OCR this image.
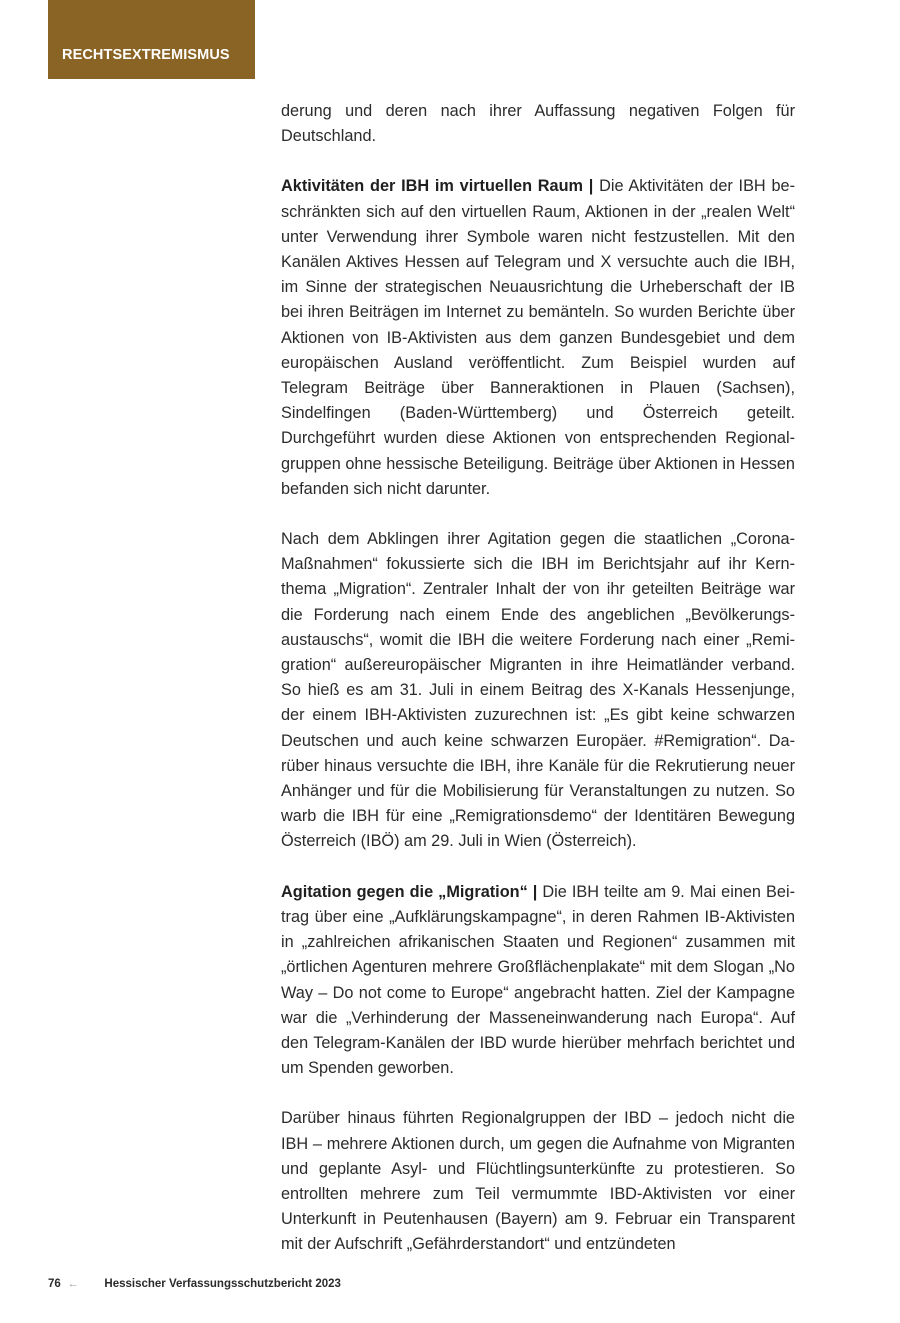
RECHTSEXTREMISMUS

derung und deren nach ihrer Auffassung negativen Folgen für Deutschland.

Aktivitäten der IBH im virtuellen Raum | Die Aktivitäten der IBH beschränkten sich auf den virtuellen Raum, Aktionen in der „realen Welt“ unter Verwendung ihrer Symbole waren nicht festzustellen. Mit den Kanälen Aktives Hessen auf Telegram und X versuchte auch die IBH, im Sinne der strategischen Neuausrichtung die Urheberschaft der IB bei ihren Beiträgen im Internet zu bemänteln. So wurden Berichte über Aktionen von IB-Aktivisten aus dem ganzen Bundesgebiet und dem europäischen Ausland veröffentlicht. Zum Beispiel wurden auf Telegram Beiträge über Banneraktionen in Plauen (Sachsen), Sindelfingen (Baden-Württemberg) und Österreich geteilt. Durchgeführt wurden diese Aktionen von entsprechenden Regionalgruppen ohne hessische Beteiligung. Beiträge über Aktionen in Hessen befanden sich nicht darunter.

Nach dem Abklingen ihrer Agitation gegen die staatlichen „Corona-Maßnahmen“ fokussierte sich die IBH im Berichtsjahr auf ihr Kernthema „Migration“. Zentraler Inhalt der von ihr geteilten Beiträge war die Forderung nach einem Ende des angeblichen „Bevölkerungsaustauschs“, womit die IBH die weitere Forderung nach einer „Remigration“ außereuropäischer Migranten in ihre Heimatländer verband. So hieß es am 31. Juli in einem Beitrag des X-Kanals Hessenjunge, der einem IBH-Aktivisten zuzurechnen ist: „Es gibt keine schwarzen Deutschen und auch keine schwarzen Europäer. #Remigration“. Darüber hinaus versuchte die IBH, ihre Kanäle für die Rekrutierung neuer Anhänger und für die Mobilisierung für Veranstaltungen zu nutzen. So warb die IBH für eine „Remigrationsdemo“ der Identitären Bewegung Österreich (IBÖ) am 29. Juli in Wien (Österreich).

Agitation gegen die „Migration“ | Die IBH teilte am 9. Mai einen Beitrag über eine „Aufklärungskampagne“, in deren Rahmen IB-Aktivisten in „zahlreichen afrikanischen Staaten und Regionen“ zusammen mit „örtlichen Agenturen mehrere Großflächenplakate“ mit dem Slogan „No Way – Do not come to Europe“ angebracht hatten. Ziel der Kampagne war die „Verhinderung der Masseneinwanderung nach Europa“. Auf den Telegram-Kanälen der IBD wurde hierüber mehrfach berichtet und um Spenden geworben.

Darüber hinaus führten Regionalgruppen der IBD – jedoch nicht die IBH – mehrere Aktionen durch, um gegen die Aufnahme von Migranten und geplante Asyl- und Flüchtlingsunterkünfte zu protestieren. So entrollten mehrere zum Teil vermummte IBD-Aktivisten vor einer Unterkunft in Peutenhausen (Bayern) am 9. Februar ein Transparent mit der Aufschrift „Gefährderstandort“ und entzündeten

76 ← Hessischer Verfassungsschutzbericht 2023
